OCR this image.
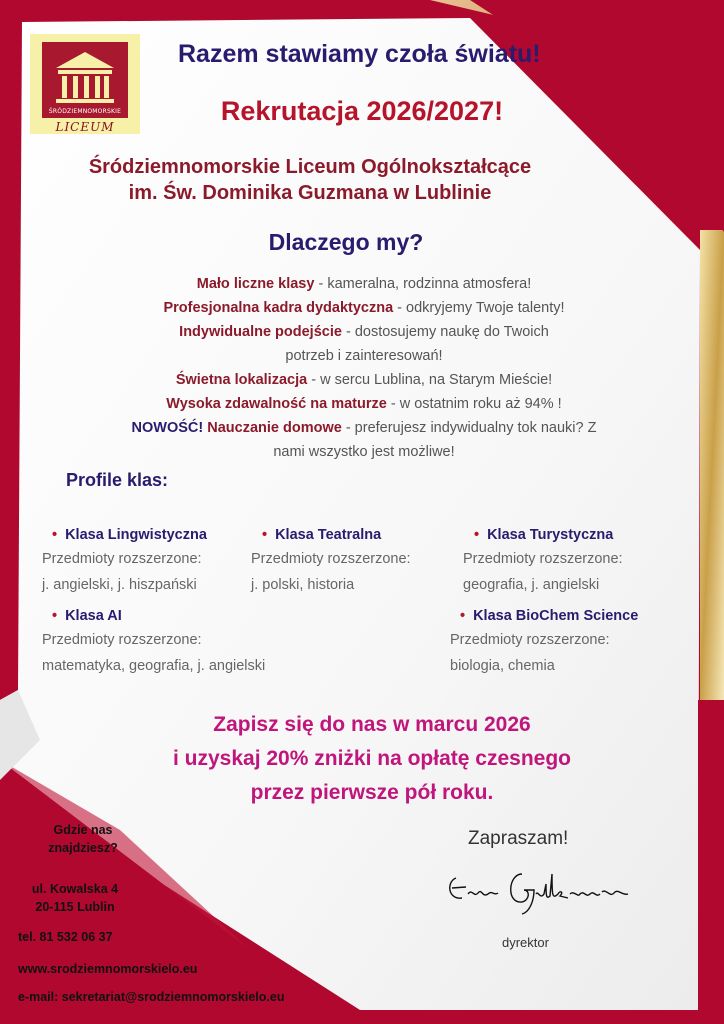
ŚRÓDZIEMNOMORSKIE
LICEUM
Razem stawiamy czoła światu!
Rekrutacja 2026/2027!
Śródziemnomorskie Liceum Ogólnokształcące
im. Św. Dominika Guzmana w Lublinie
Dlaczego my?
Mało liczne klasy - kameralna, rodzinna atmosfera!
Profesjonalna kadra dydaktyczna - odkryjemy Twoje talenty!
Indywidualne podejście - dostosujemy naukę do Twoich potrzeb i zainteresowań!
Świetna lokalizacja - w sercu Lublina, na Starym Mieście!
Wysoka zdawalność na maturze - w ostatnim roku aż 94% !
NOWOŚĆ! Nauczanie domowe - preferujesz indywidualny tok nauki? Z nami wszystko jest możliwe!
Profile klas:
• Klasa Lingwistyczna
Przedmioty rozszerzone:
j. angielski, j. hiszpański
• Klasa Teatralna
Przedmioty rozszerzone:
j. polski, historia
• Klasa Turystyczna
Przedmioty rozszerzone:
geografia, j. angielski
• Klasa AI
Przedmioty rozszerzone:
matematyka, geografia, j. angielski
• Klasa BioChem Science
Przedmioty rozszerzone:
biologia, chemia
Zapisz się do nas w marcu 2026
i uzyskaj 20% zniżki na opłatę czesnego
przez pierwsze pół roku.
Gdzie nas
znajdziesz?
ul. Kowalska 4
20-115 Lublin
tel. 81 532 06 37
www.srodziemnomorskielo.eu
e-mail: sekretariat@srodziemnomorskielo.eu
Zapraszam!
dyrektor
